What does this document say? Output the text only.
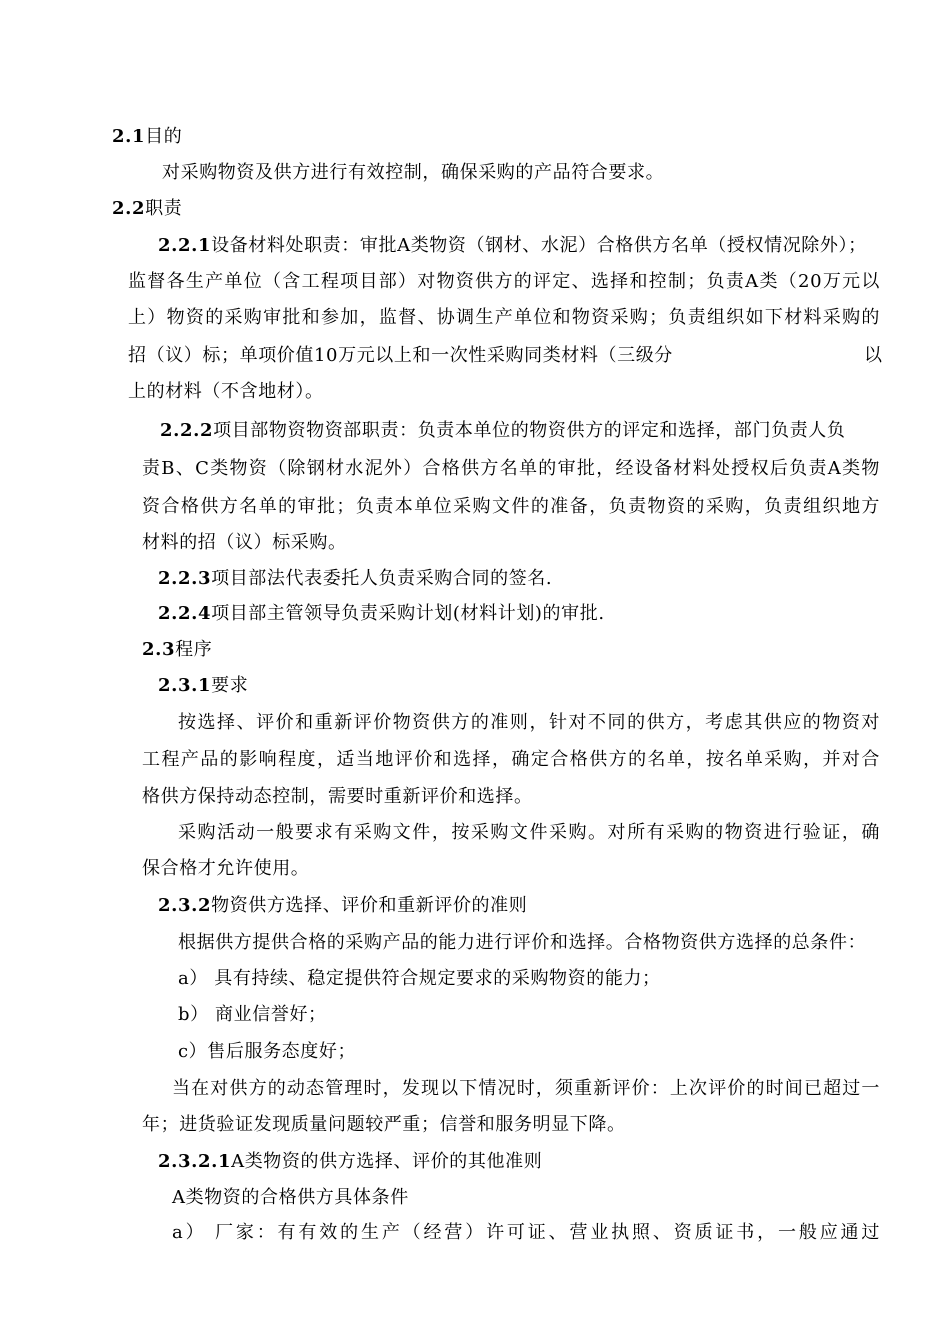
2.1目的
对采购物资及供方进行有效控制，确保采购的产品符合要求。
2.2职责
2.2.1设备材料处职责：审批A类物资（钢材、水泥）合格供方名单（授权情况除外）；
监督各生产单位（含工程项目部）对物资供方的评定、选择和控制；负责A类（20万元以
上）物资的采购审批和参加，监督、协调生产单位和物资采购；负责组织如下材料采购的
招（议）标；单项价值10万元以上和一次性采购同类材料（三级分	以
上的材料（不含地材）。
2.2.2项目部物资物资部职责：负责本单位的物资供方的评定和选择，部门负责人负
责B、C类物资（除钢材水泥外）合格供方名单的审批，经设备材料处授权后负责A类物
资合格供方名单的审批；负责本单位采购文件的准备，负责物资的采购，负责组织地方
材料的招（议）标采购。
2.2.3项目部法代表委托人负责采购合同的签名.
2.2.4项目部主管领导负责采购计划(材料计划)的审批.
2.3程序
2.3.1要求
按选择、评价和重新评价物资供方的准则，针对不同的供方，考虑其供应的物资对
工程产品的影响程度，适当地评价和选择，确定合格供方的名单，按名单采购，并对合
格供方保持动态控制，需要时重新评价和选择。
采购活动一般要求有采购文件，按采购文件采购。对所有采购的物资进行验证，确
保合格才允许使用。
2.3.2物资供方选择、评价和重新评价的准则
根据供方提供合格的采购产品的能力进行评价和选择。合格物资供方选择的总条件：
a） 具有持续、稳定提供符合规定要求的采购物资的能力；
b） 商业信誉好；
c）售后服务态度好；
当在对供方的动态管理时，发现以下情况时，须重新评价：上次评价的时间已超过一
年；进货验证发现质量问题较严重；信誉和服务明显下降。
2.3.2.1A类物资的供方选择、评价的其他准则
A类物资的合格供方具体条件
a） 厂家：有有效的生产（经营）许可证、营业执照、资质证书，一般应通过
